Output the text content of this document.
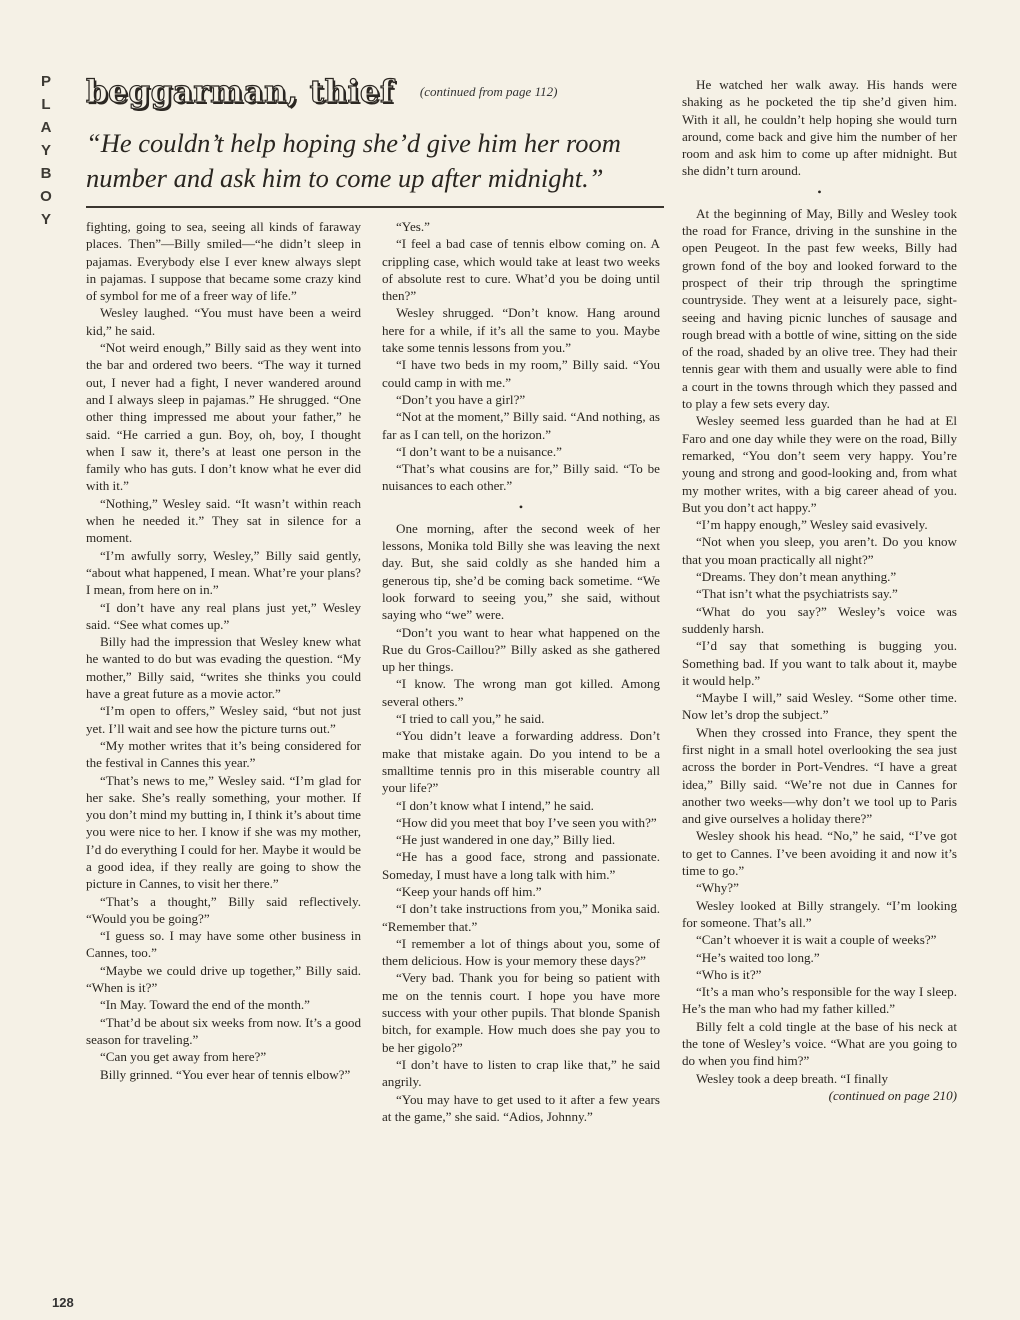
P
L
A
Y
B
O
Y
beggarman, thief (continued from page 112)

“He couldn’t help hoping she’d give him her room number and ask him to come up after midnight.”

fighting, going to sea, seeing all kinds of faraway places. Then”—Billy smiled—“he didn’t sleep in pajamas. Everybody else I ever knew always slept in pajamas. I suppose that became some crazy kind of symbol for me of a freer way of life.”

Wesley laughed. “You must have been a weird kid,” he said.

“Not weird enough,” Billy said as they went into the bar and ordered two beers. “The way it turned out, I never had a fight, I never wandered around and I always sleep in pajamas.” He shrugged. “One other thing impressed me about your father,” he said. “He carried a gun. Boy, oh, boy, I thought when I saw it, there’s at least one person in the family who has guts. I don’t know what he ever did with it.”

“Nothing,” Wesley said. “It wasn’t within reach when he needed it.” They sat in silence for a moment.

“I’m awfully sorry, Wesley,” Billy said gently, “about what happened, I mean. What’re your plans? I mean, from here on in.”

“I don’t have any real plans just yet,” Wesley said. “See what comes up.”

Billy had the impression that Wesley knew what he wanted to do but was evading the question. “My mother,” Billy said, “writes she thinks you could have a great future as a movie actor.”

“I’m open to offers,” Wesley said, “but not just yet. I’ll wait and see how the picture turns out.”

“My mother writes that it’s being considered for the festival in Cannes this year.”

“That’s news to me,” Wesley said. “I’m glad for her sake. She’s really something, your mother. If you don’t mind my butting in, I think it’s about time you were nice to her. I know if she was my mother, I’d do everything I could for her. Maybe it would be a good idea, if they really are going to show the picture in Cannes, to visit her there.”

“That’s a thought,” Billy said reflectively. “Would you be going?”

“I guess so. I may have some other business in Cannes, too.”

“Maybe we could drive up together,” Billy said. “When is it?”

“In May. Toward the end of the month.”

“That’d be about six weeks from now. It’s a good season for traveling.”

“Can you get away from here?”

Billy grinned. “You ever hear of tennis elbow?”

“Yes.”

“I feel a bad case of tennis elbow coming on. A crippling case, which would take at least two weeks of absolute rest to cure. What’d you be doing until then?”

Wesley shrugged. “Don’t know. Hang around here for a while, if it’s all the same to you. Maybe take some tennis lessons from you.”

“I have two beds in my room,” Billy said. “You could camp in with me.”

“Don’t you have a girl?”

“Not at the moment,” Billy said. “And nothing, as far as I can tell, on the horizon.”

“I don’t want to be a nuisance.”

“That’s what cousins are for,” Billy said. “To be nuisances to each other.”

•

One morning, after the second week of her lessons, Monika told Billy she was leaving the next day. But, she said coldly as she handed him a generous tip, she’d be coming back sometime. “We look forward to seeing you,” she said, without saying who “we” were.

“Don’t you want to hear what happened on the Rue du Gros-Caillou?” Billy asked as she gathered up her things.

“I know. The wrong man got killed. Among several others.”

“I tried to call you,” he said.

“You didn’t leave a forwarding address. Don’t make that mistake again. Do you intend to be a smalltime tennis pro in this miserable country all your life?”

“I don’t know what I intend,” he said.

“How did you meet that boy I’ve seen you with?”

“He just wandered in one day,” Billy lied.

“He has a good face, strong and passionate. Someday, I must have a long talk with him.”

“Keep your hands off him.”

“I don’t take instructions from you,” Monika said. “Remember that.”

“I remember a lot of things about you, some of them delicious. How is your memory these days?”

“Very bad. Thank you for being so patient with me on the tennis court. I hope you have more success with your other pupils. That blonde Spanish bitch, for example. How much does she pay you to be her gigolo?”

“I don’t have to listen to crap like that,” he said angrily.

“You may have to get used to it after a few years at the game,” she said. “Adios, Johnny.”

He watched her walk away. His hands were shaking as he pocketed the tip she’d given him. With it all, he couldn’t help hoping she would turn around, come back and give him the number of her room and ask him to come up after midnight. But she didn’t turn around.

•

At the beginning of May, Billy and Wesley took the road for France, driving in the sunshine in the open Peugeot. In the past few weeks, Billy had grown fond of the boy and looked forward to the prospect of their trip through the springtime countryside. They went at a leisurely pace, sight-seeing and having picnic lunches of sausage and rough bread with a bottle of wine, sitting on the side of the road, shaded by an olive tree. They had their tennis gear with them and usually were able to find a court in the towns through which they passed and to play a few sets every day.

Wesley seemed less guarded than he had at El Faro and one day while they were on the road, Billy remarked, “You don’t seem very happy. You’re young and strong and good-looking and, from what my mother writes, with a big career ahead of you. But you don’t act happy.”

“I’m happy enough,” Wesley said evasively.

“Not when you sleep, you aren’t. Do you know that you moan practically all night?”

“Dreams. They don’t mean anything.”

“That isn’t what the psychiatrists say.”

“What do you say?” Wesley’s voice was suddenly harsh.

“I’d say that something is bugging you. Something bad. If you want to talk about it, maybe it would help.”

“Maybe I will,” said Wesley. “Some other time. Now let’s drop the subject.”

When they crossed into France, they spent the first night in a small hotel overlooking the sea just across the border in Port-Vendres. “I have a great idea,” Billy said. “We’re not due in Cannes for another two weeks—why don’t we tool up to Paris and give ourselves a holiday there?”

Wesley shook his head. “No,” he said, “I’ve got to get to Cannes. I’ve been avoiding it and now it’s time to go.”

“Why?”

Wesley looked at Billy strangely. “I’m looking for someone. That’s all.”

“Can’t whoever it is wait a couple of weeks?”

“He’s waited too long.”

“Who is it?”

“It’s a man who’s responsible for the way I sleep. He’s the man who had my father killed.”

Billy felt a cold tingle at the base of his neck at the tone of Wesley’s voice. “What are you going to do when you find him?”

Wesley took a deep breath. “I finally

(continued on page 210)

128
